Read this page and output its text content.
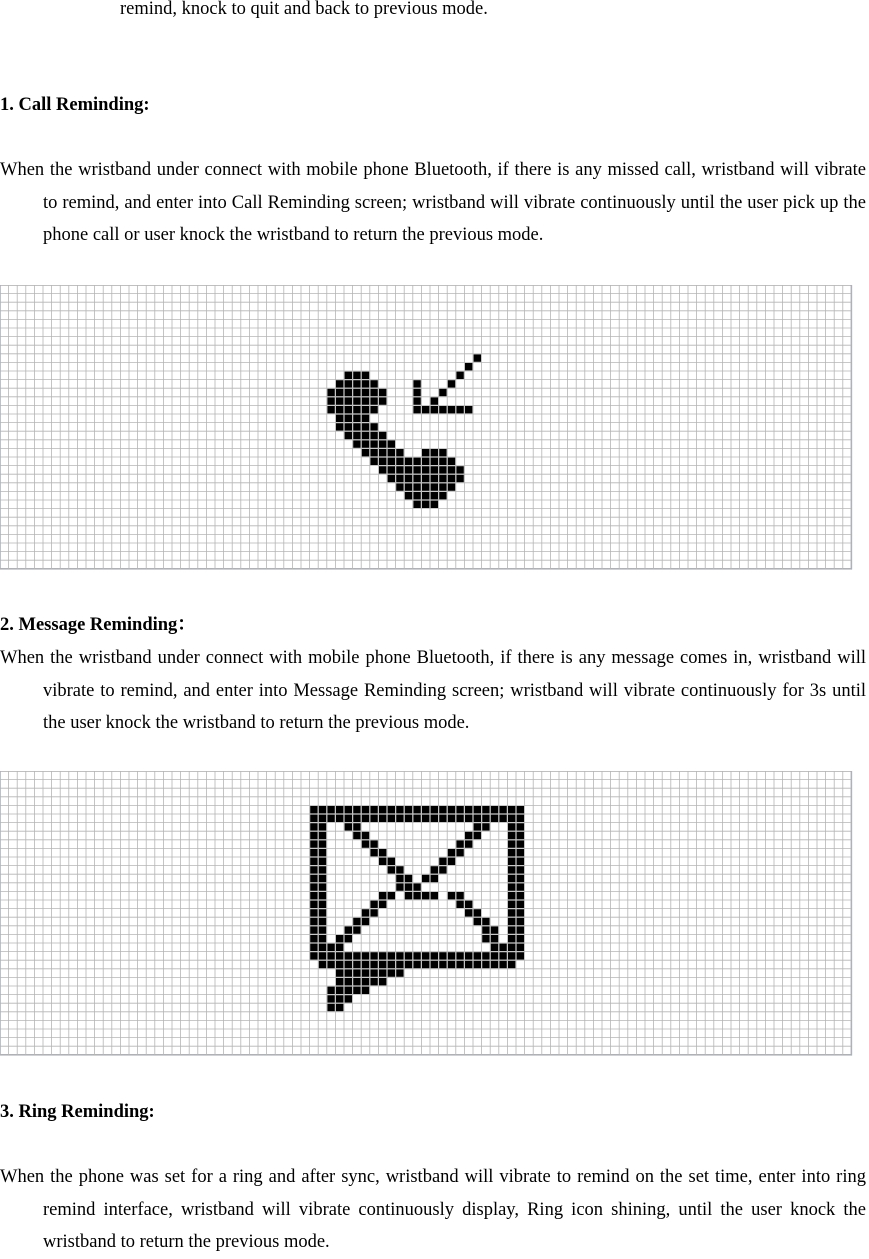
remind, knock to quit and back to previous mode.
1. Call Reminding:
When the wristband under connect with mobile phone Bluetooth, if there is any missed call, wristband will vibrate to remind, and enter into Call Reminding screen; wristband will vibrate continuously until the user pick up the phone call or user knock the wristband to return the previous mode.
2. Message Reminding：
When the wristband under connect with mobile phone Bluetooth, if there is any message comes in, wristband will vibrate to remind, and enter into Message Reminding screen; wristband will vibrate continuously for 3s until the user knock the wristband to return the previous mode.
3. Ring Reminding:
When the phone was set for a ring and after sync, wristband will vibrate to remind on the set time, enter into ring remind interface, wristband will vibrate continuously display, Ring icon shining, until the user knock the wristband to return the previous mode.
